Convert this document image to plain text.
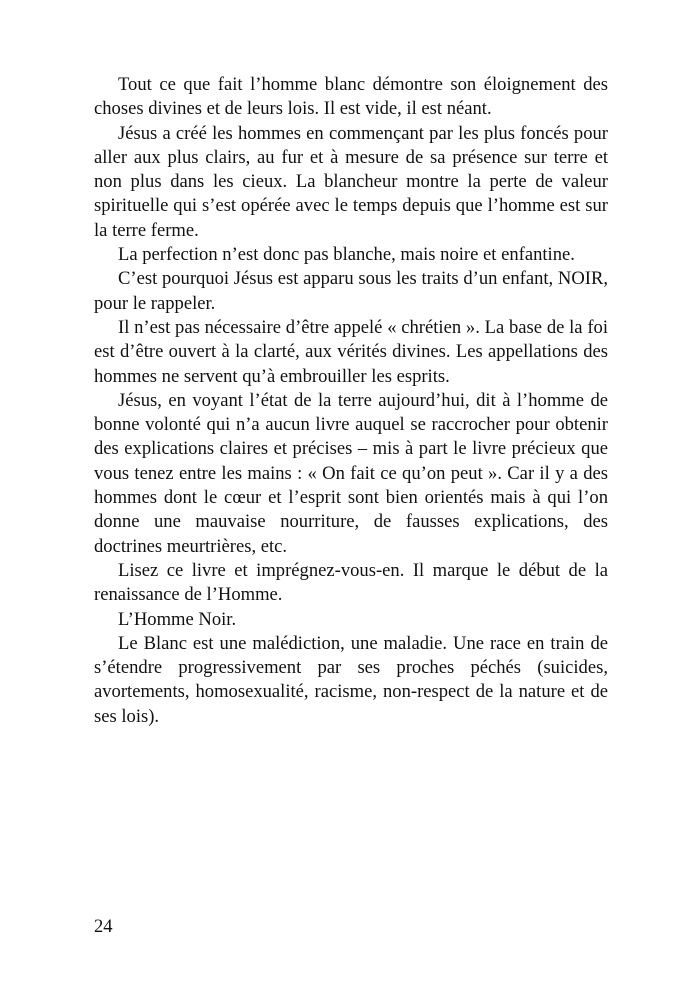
Tout ce que fait l’homme blanc démontre son éloignement des choses divines et de leurs lois. Il est vide, il est néant.

Jésus a créé les hommes en commençant par les plus foncés pour aller aux plus clairs, au fur et à mesure de sa présence sur terre et non plus dans les cieux. La blancheur montre la perte de valeur spirituelle qui s’est opérée avec le temps depuis que l’homme est sur la terre ferme.

La perfection n’est donc pas blanche, mais noire et enfantine.

C’est pourquoi Jésus est apparu sous les traits d’un enfant, NOIR, pour le rappeler.

Il n’est pas nécessaire d’être appelé « chrétien ». La base de la foi est d’être ouvert à la clarté, aux vérités divines. Les appellations des hommes ne servent qu’à embrouiller les esprits.

Jésus, en voyant l’état de la terre aujourd’hui, dit à l’homme de bonne volonté qui n’a aucun livre auquel se raccrocher pour obtenir des explications claires et précises – mis à part le livre précieux que vous tenez entre les mains : « On fait ce qu’on peut ». Car il y a des hommes dont le cœur et l’esprit sont bien orientés mais à qui l’on donne une mauvaise nourriture, de fausses explications, des doctrines meurtrières, etc.

Lisez ce livre et imprégnez-vous-en. Il marque le début de la renaissance de l’Homme.

L’Homme Noir.

Le Blanc est une malédiction, une maladie. Une race en train de s’étendre progressivement par ses proches péchés (suicides, avortements, homosexualité, racisme, non-respect de la nature et de ses lois).

24
